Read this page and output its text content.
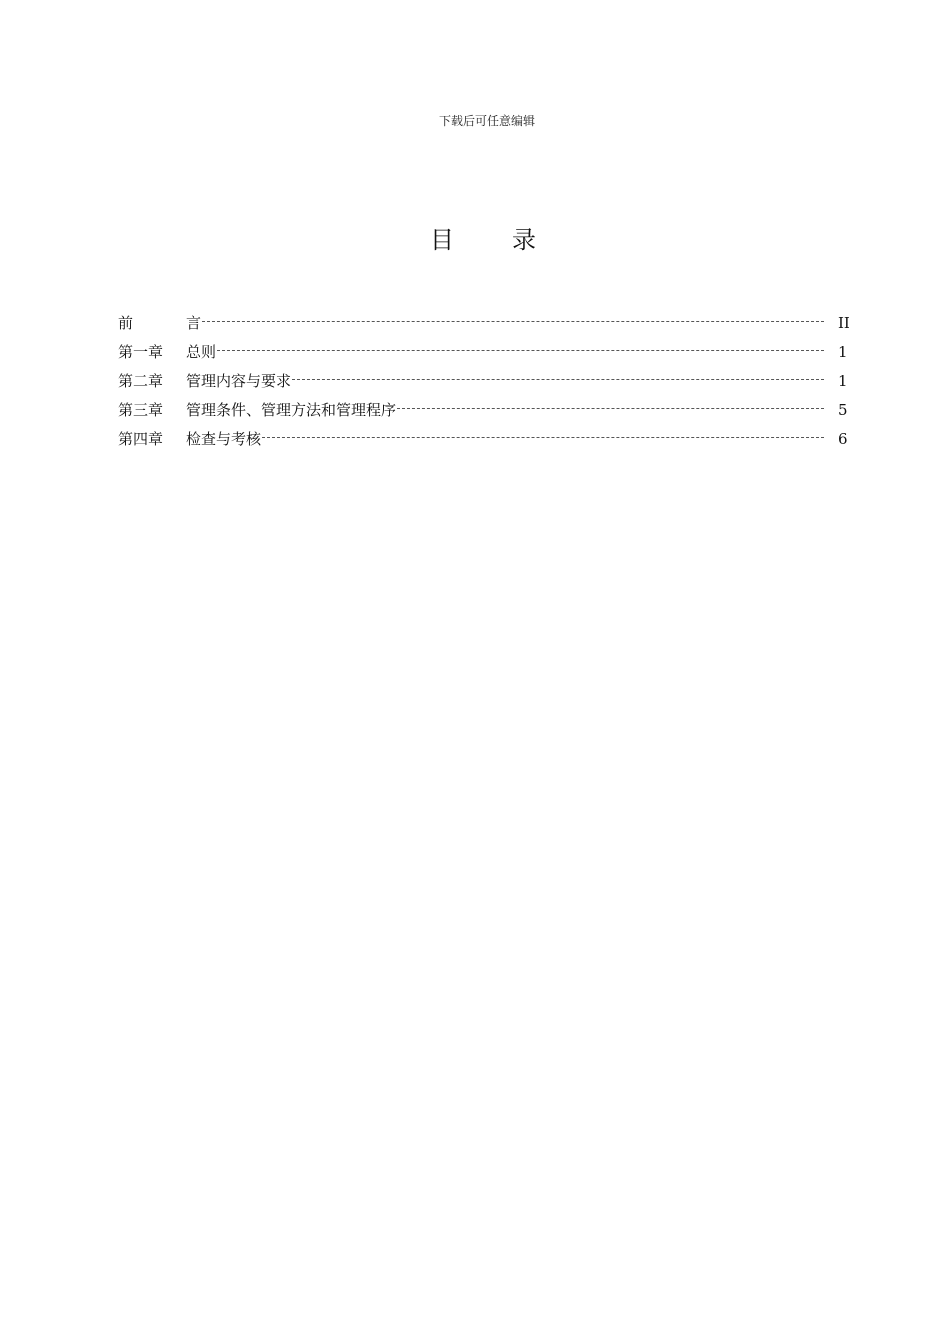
下载后可任意编辑
目 录
前	言	II
第一章 总则	1
第二章 管理内容与要求	1
第三章 管理条件、管理方法和管理程序	5
第四章 检查与考核	6
